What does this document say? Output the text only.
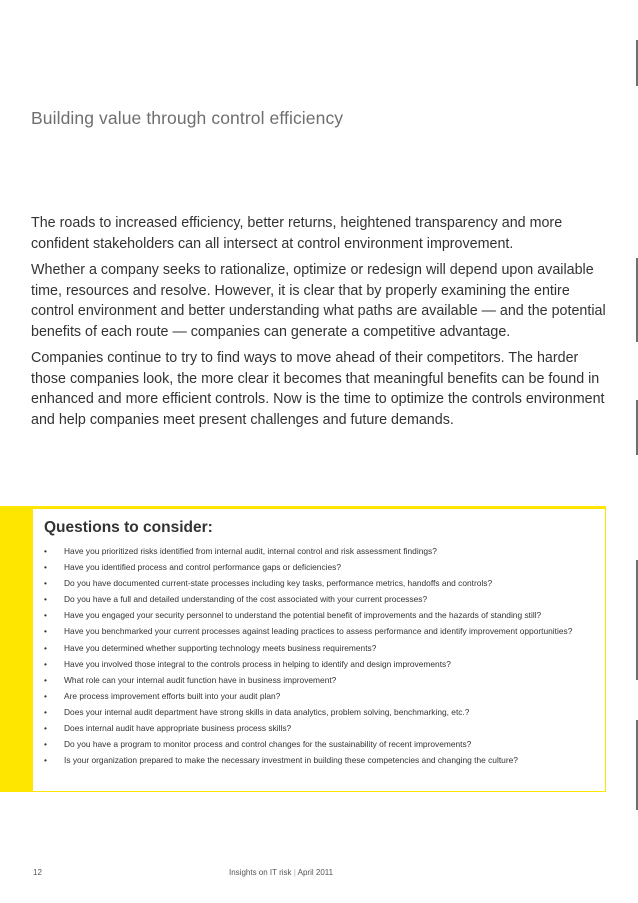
Building value through control efficiency

The roads to increased efficiency, better returns, heightened transparency and more confident stakeholders can all intersect at control environment improvement.

Whether a company seeks to rationalize, optimize or redesign will depend upon available time, resources and resolve. However, it is clear that by properly examining the entire control environment and better understanding what paths are available — and the potential benefits of each route — companies can generate a competitive advantage.

Companies continue to try to find ways to move ahead of their competitors. The harder those companies look, the more clear it becomes that meaningful benefits can be found in enhanced and more efficient controls. Now is the time to optimize the controls environment and help companies meet present challenges and future demands.

Questions to consider:
• Have you prioritized risks identified from internal audit, internal control and risk assessment findings?
• Have you identified process and control performance gaps or deficiencies?
• Do you have documented current-state processes including key tasks, performance metrics, handoffs and controls?
• Do you have a full and detailed understanding of the cost associated with your current processes?
• Have you engaged your security personnel to understand the potential benefit of improvements and the hazards of standing still?
• Have you benchmarked your current processes against leading practices to assess performance and identify improvement opportunities?
• Have you determined whether supporting technology meets business requirements?
• Have you involved those integral to the controls process in helping to identify and design improvements?
• What role can your internal audit function have in business improvement?
• Are process improvement efforts built into your audit plan?
• Does your internal audit department have strong skills in data analytics, problem solving, benchmarking, etc.?
• Does internal audit have appropriate business process skills?
• Do you have a program to monitor process and control changes for the sustainability of recent improvements?
• Is your organization prepared to make the necessary investment in building these competencies and changing the culture?
12	Insights on IT risk | April 2011
